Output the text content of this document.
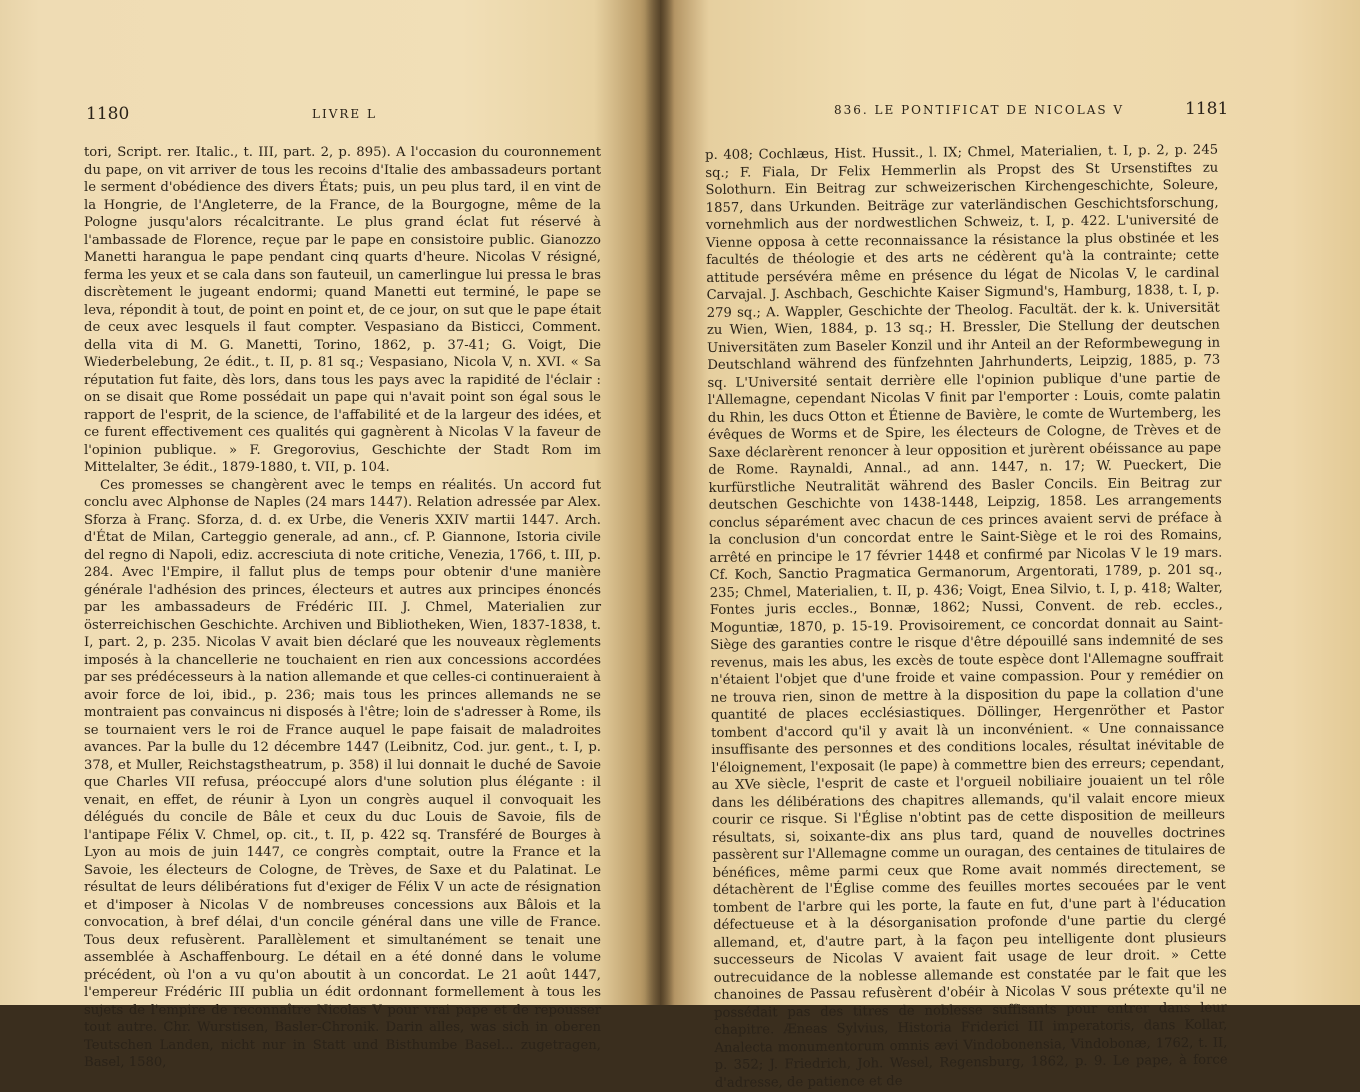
1180	LIVRE L

tori, Script. rer. Italic., t. III, part. 2, p. 895). A l'occasion du couronnement du pape, on vit arriver de tous les recoins d'Italie des ambassadeurs portant le serment d'obédience des divers États; puis, un peu plus tard, il en vint de la Hongrie, de l'Angleterre, de la France, de la Bourgogne, même de la Pologne jusqu'alors récalcitrante. Le plus grand éclat fut réservé à l'ambassade de Florence, reçue par le pape en consistoire public. Gianozzo Manetti harangua le pape pendant cinq quarts d'heure. Nicolas V résigné, ferma les yeux et se cala dans son fauteuil, un camerlingue lui pressa le bras discrètement le jugeant endormi; quand Manetti eut terminé, le pape se leva, répondit à tout, de point en point et, de ce jour, on sut que le pape était de ceux avec lesquels il faut compter. Vespasiano da Bisticci, Comment. della vita di M. G. Manetti, Torino, 1862, p. 37-41; G. Voigt, Die Wiederbelebung, 2e édit., t. II, p. 81 sq.; Vespasiano, Nicola V, n. XVI. « Sa réputation fut faite, dès lors, dans tous les pays avec la rapidité de l'éclair : on se disait que Rome possédait un pape qui n'avait point son égal sous le rapport de l'esprit, de la science, de l'affabilité et de la largeur des idées, et ce furent effectivement ces qualités qui gagnèrent à Nicolas V la faveur de l'opinion publique. » F. Gregorovius, Geschichte der Stadt Rom im Mittelalter, 3e édit., 1879-1880, t. VII, p. 104.

Ces promesses se changèrent avec le temps en réalités. Un accord fut conclu avec Alphonse de Naples (24 mars 1447). Relation adressée par Alex. Sforza à Franç. Sforza, d. d. ex Urbe, die Veneris XXIV martii 1447. Arch. d'État de Milan, Carteggio generale, ad ann., cf. P. Giannone, Istoria civile del regno di Napoli, ediz. accresciuta di note critiche, Venezia, 1766, t. III, p. 284. Avec l'Empire, il fallut plus de temps pour obtenir d'une manière générale l'adhésion des princes, électeurs et autres aux principes énoncés par les ambassadeurs de Frédéric III. J. Chmel, Materialien zur österreichischen Geschichte. Archiven und Bibliotheken, Wien, 1837-1838, t. I, part. 2, p. 235. Nicolas V avait bien déclaré que les nouveaux règlements imposés à la chancellerie ne touchaient en rien aux concessions accordées par ses prédécesseurs à la nation allemande et que celles-ci continueraient à avoir force de loi, ibid., p. 236; mais tous les princes allemands ne se montraient pas convaincus ni disposés à l'être; loin de s'adresser à Rome, ils se tournaient vers le roi de France auquel le pape faisait de maladroites avances. Par la bulle du 12 décembre 1447 (Leibnitz, Cod. jur. gent., t. I, p. 378, et Muller, Reichstagstheatrum, p. 358) il lui donnait le duché de Savoie que Charles VII refusa, préoccupé alors d'une solution plus élégante : il venait, en effet, de réunir à Lyon un congrès auquel il convoquait les délégués du concile de Bâle et ceux du duc Louis de Savoie, fils de l'antipape Félix V. Chmel, op. cit., t. II, p. 422 sq. Transféré de Bourges à Lyon au mois de juin 1447, ce congrès comptait, outre la France et la Savoie, les électeurs de Cologne, de Trèves, de Saxe et du Palatinat. Le résultat de leurs délibérations fut d'exiger de Félix V un acte de résignation et d'imposer à Nicolas V de nombreuses concessions aux Bâlois et la convocation, à bref délai, d'un concile général dans une ville de France. Tous deux refusèrent. Parallèlement et simultanément se tenait une assemblée à Aschaffenbourg. Le détail en a été donné dans le volume précédent, où l'on a vu qu'on aboutit à un concordat. Le 21 août 1447, l'empereur Frédéric III publia un édit ordonnant formellement à tous les sujets de l'empire de reconnaître Nicolas V pour vrai pape et de repousser tout autre. Chr. Wurstisen, Basler-Chronik. Darin alles, was sich in oberen Teutschen Landen, nicht nur in Statt und Bisthumbe Basel... zugetragen, Basel, 1580,

836. LE PONTIFICAT DE NICOLAS V	1181

p. 408; Cochlæus, Hist. Hussit., l. IX; Chmel, Materialien, t. I, p. 2, p. 245 sq.; F. Fiala, Dr Felix Hemmerlin als Propst des St Ursenstiftes zu Solothurn. Ein Beitrag zur schweizerischen Kirchengeschichte, Soleure, 1857, dans Urkunden. Beiträge zur vaterländischen Geschichtsforschung, vornehmlich aus der nordwestlichen Schweiz, t. I, p. 422. L'université de Vienne opposa à cette reconnaissance la résistance la plus obstinée et les facultés de théologie et des arts ne cédèrent qu'à la contrainte; cette attitude persévéra même en présence du légat de Nicolas V, le cardinal Carvajal. J. Aschbach, Geschichte Kaiser Sigmund's, Hamburg, 1838, t. I, p. 279 sq.; A. Wappler, Geschichte der Theolog. Facultät. der k. k. Universität zu Wien, Wien, 1884, p. 13 sq.; H. Bressler, Die Stellung der deutschen Universitäten zum Baseler Konzil und ihr Anteil an der Reformbewegung in Deutschland während des fünfzehnten Jahrhunderts, Leipzig, 1885, p. 73 sq. L'Université sentait derrière elle l'opinion publique d'une partie de l'Allemagne, cependant Nicolas V finit par l'emporter : Louis, comte palatin du Rhin, les ducs Otton et Étienne de Bavière, le comte de Wurtemberg, les évêques de Worms et de Spire, les électeurs de Cologne, de Trèves et de Saxe déclarèrent renoncer à leur opposition et jurèrent obéissance au pape de Rome. Raynaldi, Annal., ad ann. 1447, n. 17; W. Pueckert, Die kurfürstliche Neutralität während des Basler Concils. Ein Beitrag zur deutschen Geschichte von 1438-1448, Leipzig, 1858. Les arrangements conclus séparément avec chacun de ces princes avaient servi de préface à la conclusion d'un concordat entre le Saint-Siège et le roi des Romains, arrêté en principe le 17 février 1448 et confirmé par Nicolas V le 19 mars. Cf. Koch, Sanctio Pragmatica Germanorum, Argentorati, 1789, p. 201 sq., 235; Chmel, Materialien, t. II, p. 436; Voigt, Enea Silvio, t. I, p. 418; Walter, Fontes juris eccles., Bonnæ, 1862; Nussi, Convent. de reb. eccles., Moguntiæ, 1870, p. 15-19. Provisoirement, ce concordat donnait au Saint-Siège des garanties contre le risque d'être dépouillé sans indemnité de ses revenus, mais les abus, les excès de toute espèce dont l'Allemagne souffrait n'étaient l'objet que d'une froide et vaine compassion. Pour y remédier on ne trouva rien, sinon de mettre à la disposition du pape la collation d'une quantité de places ecclésiastiques. Döllinger, Hergenröther et Pastor tombent d'accord qu'il y avait là un inconvénient. « Une connaissance insuffisante des personnes et des conditions locales, résultat inévitable de l'éloignement, l'exposait (le pape) à commettre bien des erreurs; cependant, au XVe siècle, l'esprit de caste et l'orgueil nobiliaire jouaient un tel rôle dans les délibérations des chapitres allemands, qu'il valait encore mieux courir ce risque. Si l'Église n'obtint pas de cette disposition de meilleurs résultats, si, soixante-dix ans plus tard, quand de nouvelles doctrines passèrent sur l'Allemagne comme un ouragan, des centaines de titulaires de bénéfices, même parmi ceux que Rome avait nommés directement, se détachèrent de l'Église comme des feuilles mortes secouées par le vent tombent de l'arbre qui les porte, la faute en fut, d'une part à l'éducation défectueuse et à la désorganisation profonde d'une partie du clergé allemand, et, d'autre part, à la façon peu intelligente dont plusieurs successeurs de Nicolas V avaient fait usage de leur droit. » Cette outrecuidance de la noblesse allemande est constatée par le fait que les chanoines de Passau refusèrent d'obéir à Nicolas V sous prétexte qu'il ne possédait pas des titres de noblesse suffisants pour entrer dans leur chapitre. Æneas Sylvius, Historia Friderici III imperatoris, dans Kollar, Analecta monumentorum omnis ævi Vindobonensia, Vindobonæ, 1762, t. II, p. 352; J. Friedrich, Joh. Wesel, Regensburg, 1862, p. 9. Le pape, à force d'adresse, de patience et de
